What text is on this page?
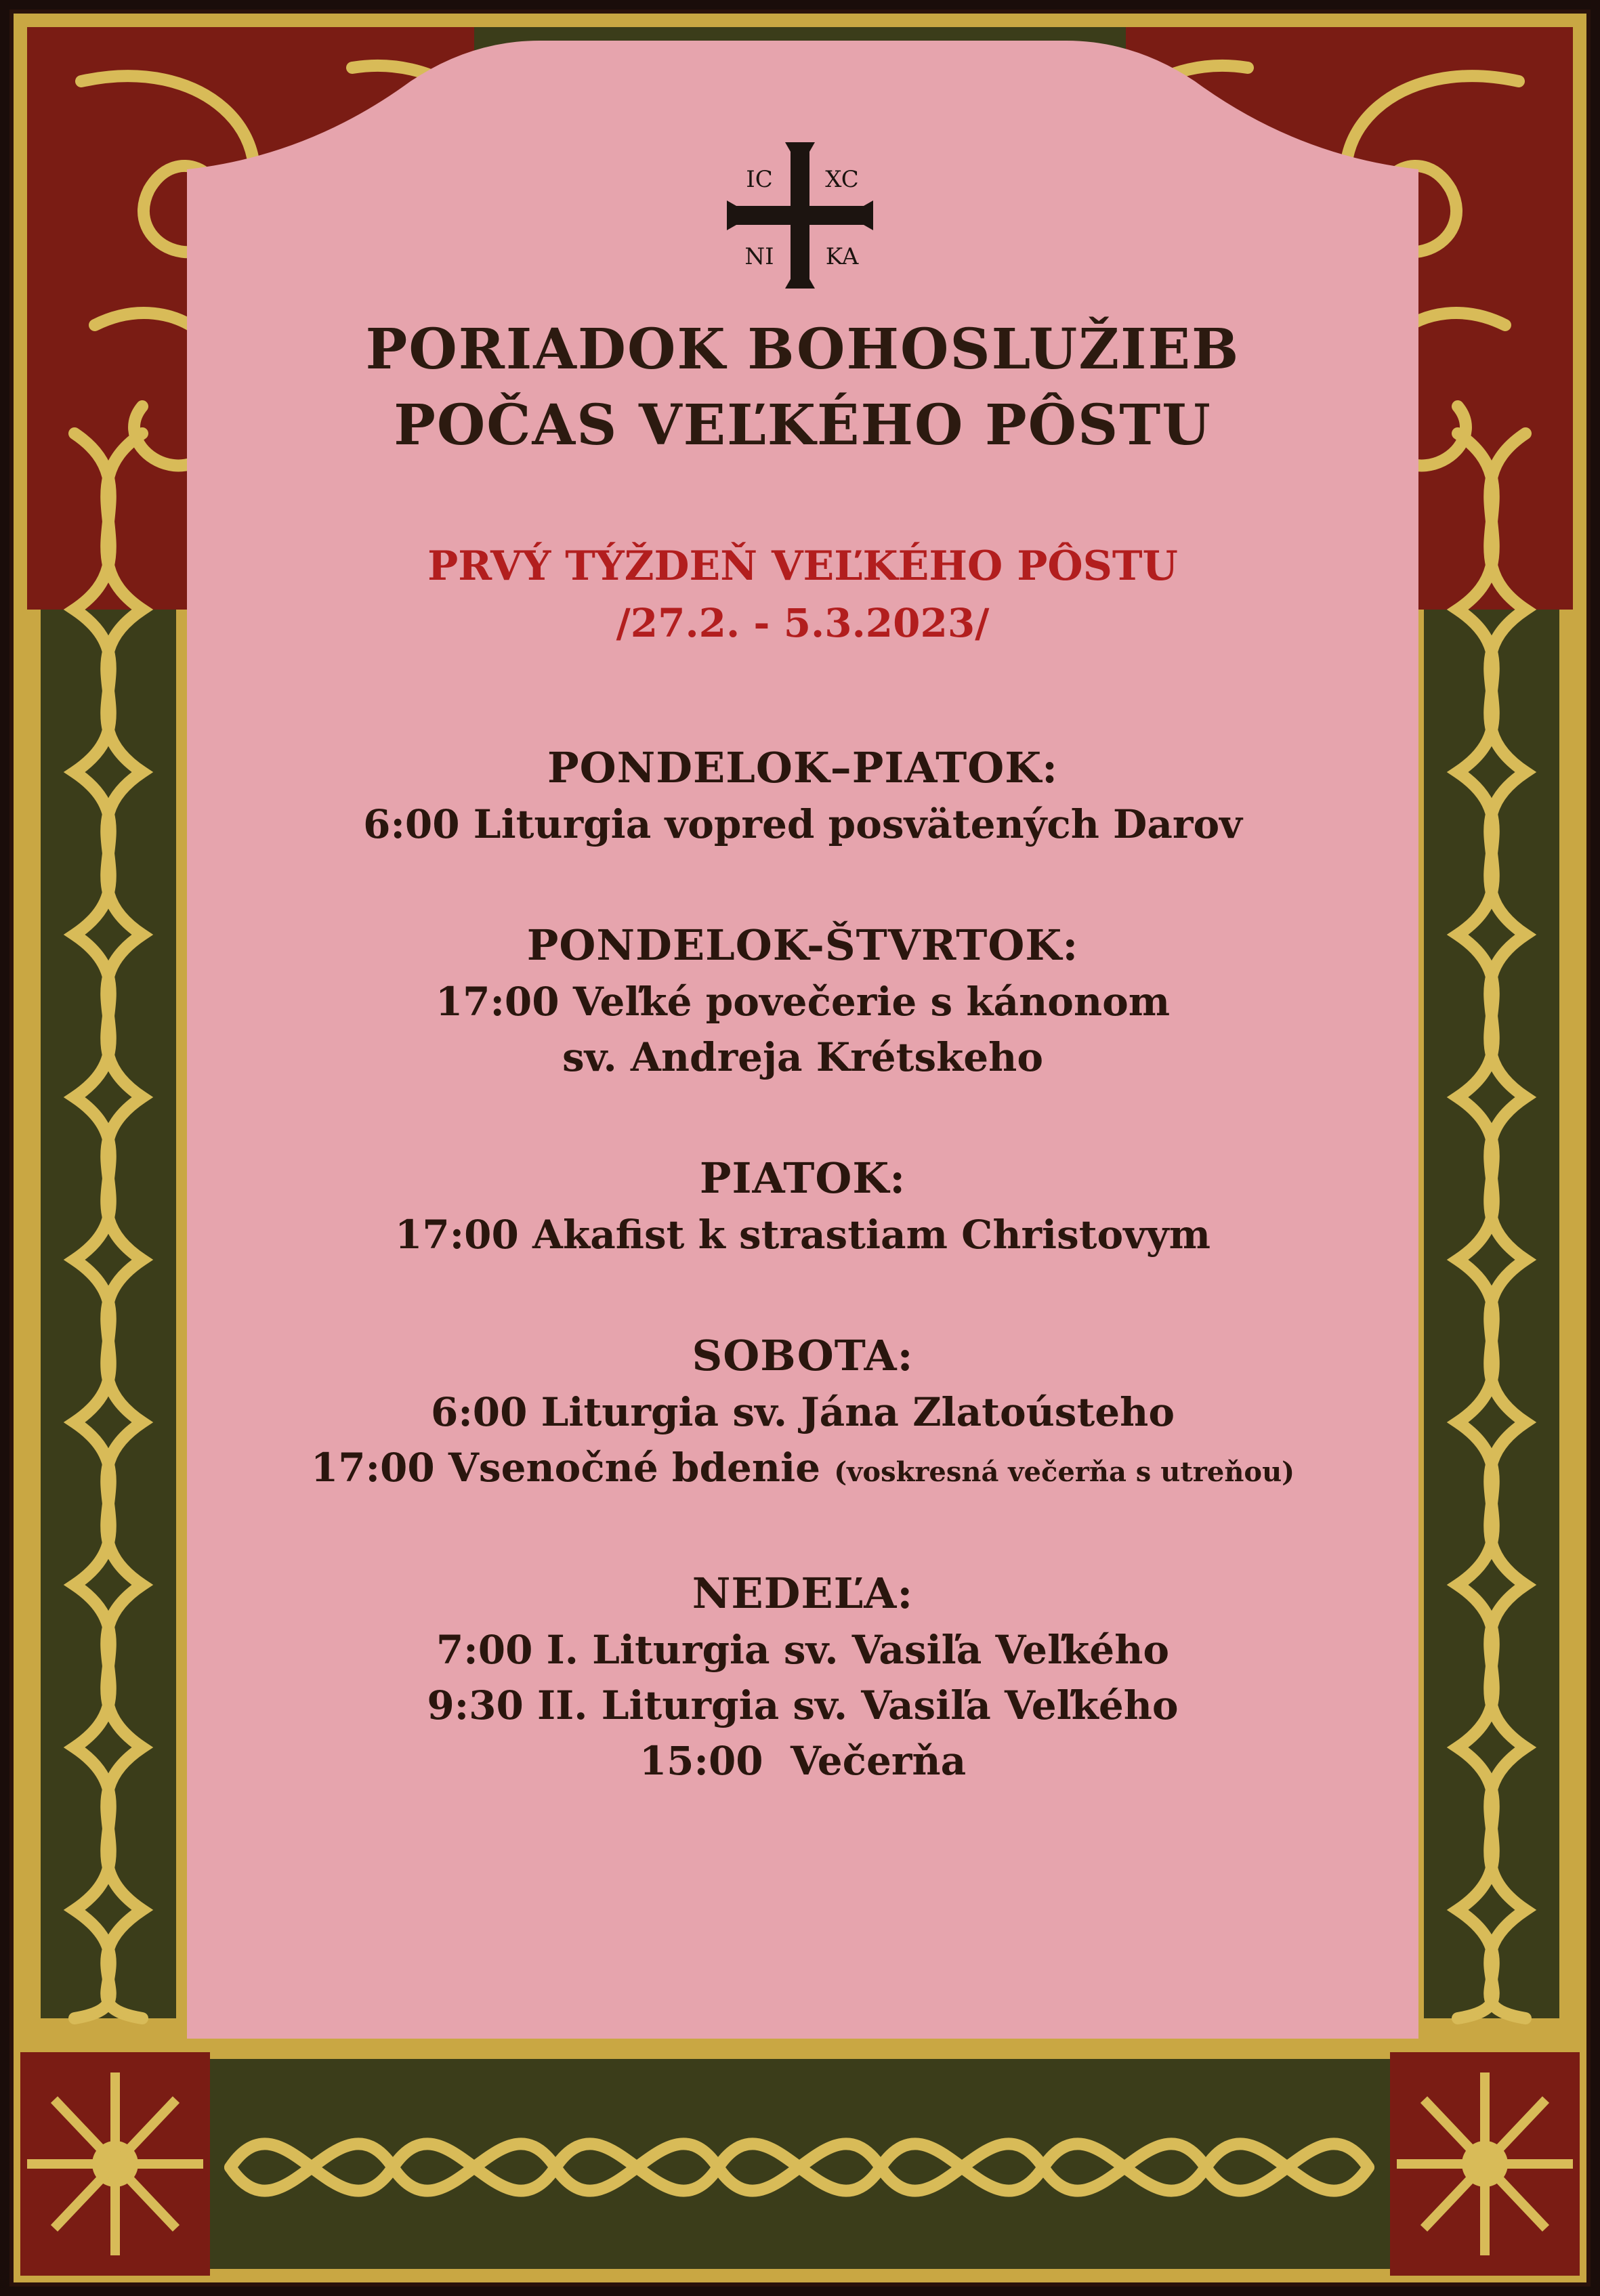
IC XC
NI KA
PORIADOK BOHOSLUŽIEB
POČAS VEĽKÉHO PÔSTU
PRVÝ TÝŽDEŇ VEĽKÉHO PÔSTU
/27.2. - 5.3.2023/
PONDELOK–PIATOK:
6:00 Liturgia vopred posvätených Darov
PONDELOK-ŠTVRTOK:
17:00 Veľké povečerie s kánonom
sv. Andreja Krétskeho
PIATOK:
17:00 Akafist k strastiam Christovym
SOBOTA:
6:00 Liturgia sv. Jána Zlatoústeho
17:00 Vsenočné bdenie (voskresná večerňa s utreňou)
NEDEĽA:
7:00 I. Liturgia sv. Vasiľa Veľkého
9:30 II. Liturgia sv. Vasiľa Veľkého
15:00  Večerňa
